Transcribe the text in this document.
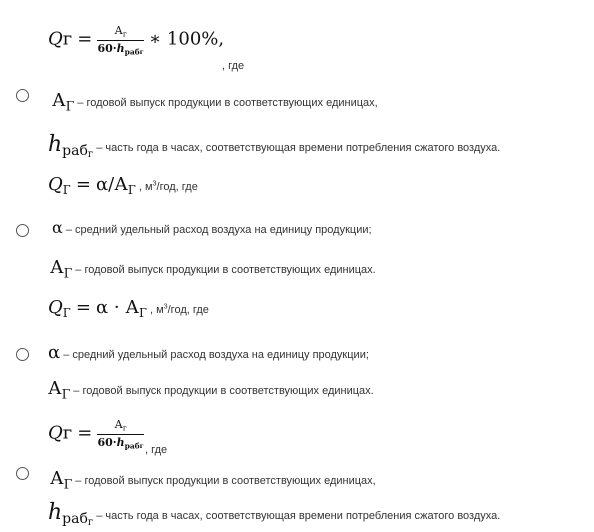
Qг = $\frac{А_г}{60\cdot h_{раб}г}$ ∗ 100%,
, где
$А_Г$ – годовой выпуск продукции в соответствующих единицах,
hраб$_г$ – часть года в часах, соответствующая времени потребления сжатого воздуха.
$Q_Г = \alpha/А_Г$ , $м^3$/год, где
α – средний удельный расход воздуха на единицу продукции;
$А_Г$ – годовой выпуск продукции в соответствующих единицах.
$Q_Г = \alpha \cdot А_Г$ , $м^3$/год, где
α – средний удельный расход воздуха на единицу продукции;
$А_Г$ – годовой выпуск продукции в соответствующих единицах.
Qг = $\frac{А_г}{60\cdot h_{раб}г} _{, где}$
$А_Г$ – годовой выпуск продукции в соответствующих единицах,
hраб$_г$ – часть года в часах, соответствующая времени потребления сжатого воздуха.
